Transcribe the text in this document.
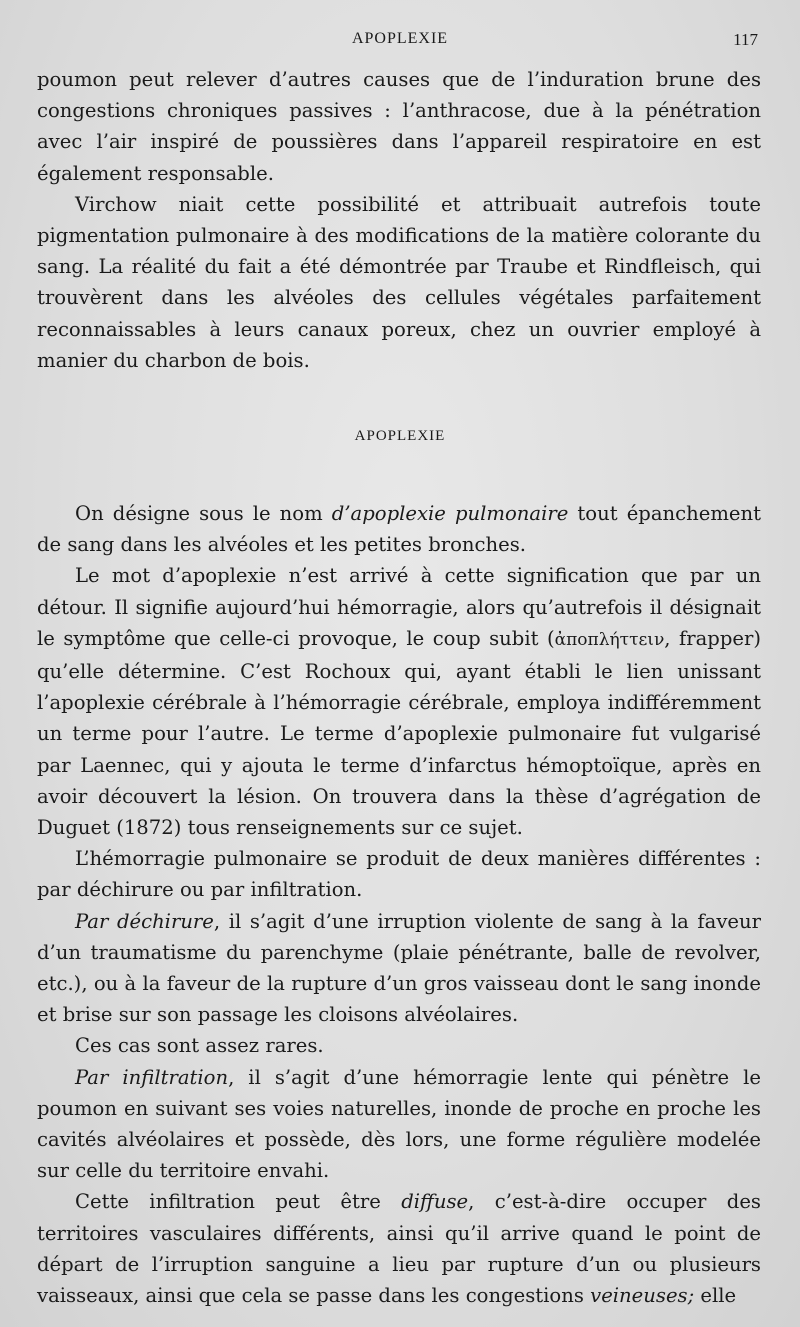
APOPLEXIE	117

poumon peut relever d’autres causes que de l’induration brune des congestions chroniques passives : l’anthracose, due à la pénétration avec l’air inspiré de poussières dans l’appareil respiratoire en est également responsable.

Virchow niait cette possibilité et attribuait autrefois toute pigmentation pulmonaire à des modifications de la matière colorante du sang. La réalité du fait a été démontrée par Traube et Rindfleisch, qui trouvèrent dans les alvéoles des cellules végétales parfaitement reconnaissables à leurs canaux poreux, chez un ouvrier employé à manier du charbon de bois.

APOPLEXIE

On désigne sous le nom d’apoplexie pulmonaire tout épanchement de sang dans les alvéoles et les petites bronches.

Le mot d’apoplexie n’est arrivé à cette signification que par un détour. Il signifie aujourd’hui hémorragie, alors qu’autrefois il désignait le symptôme que celle-ci provoque, le coup subit (ἀποπλήττειν, frapper) qu’elle détermine. C’est Rochoux qui, ayant établi le lien unissant l’apoplexie cérébrale à l’hémorragie cérébrale, employa indifféremment un terme pour l’autre. Le terme d’apoplexie pulmonaire fut vulgarisé par Laennec, qui y ajouta le terme d’infarctus hémoptoïque, après en avoir découvert la lésion. On trouvera dans la thèse d’agrégation de Duguet (1872) tous renseignements sur ce sujet.

L’hémorragie pulmonaire se produit de deux manières différentes : par déchirure ou par infiltration.

Par déchirure, il s’agit d’une irruption violente de sang à la faveur d’un traumatisme du parenchyme (plaie pénétrante, balle de revolver, etc.), ou à la faveur de la rupture d’un gros vaisseau dont le sang inonde et brise sur son passage les cloisons alvéolaires.

Ces cas sont assez rares.

Par infiltration, il s’agit d’une hémorragie lente qui pénètre le poumon en suivant ses voies naturelles, inonde de proche en proche les cavités alvéolaires et possède, dès lors, une forme régulière modelée sur celle du territoire envahi.

Cette infiltration peut être diffuse, c’est-à-dire occuper des territoires vasculaires différents, ainsi qu’il arrive quand le point de départ de l’irruption sanguine a lieu par rupture d’un ou plusieurs vaisseaux, ainsi que cela se passe dans les congestions veineuses; elle
